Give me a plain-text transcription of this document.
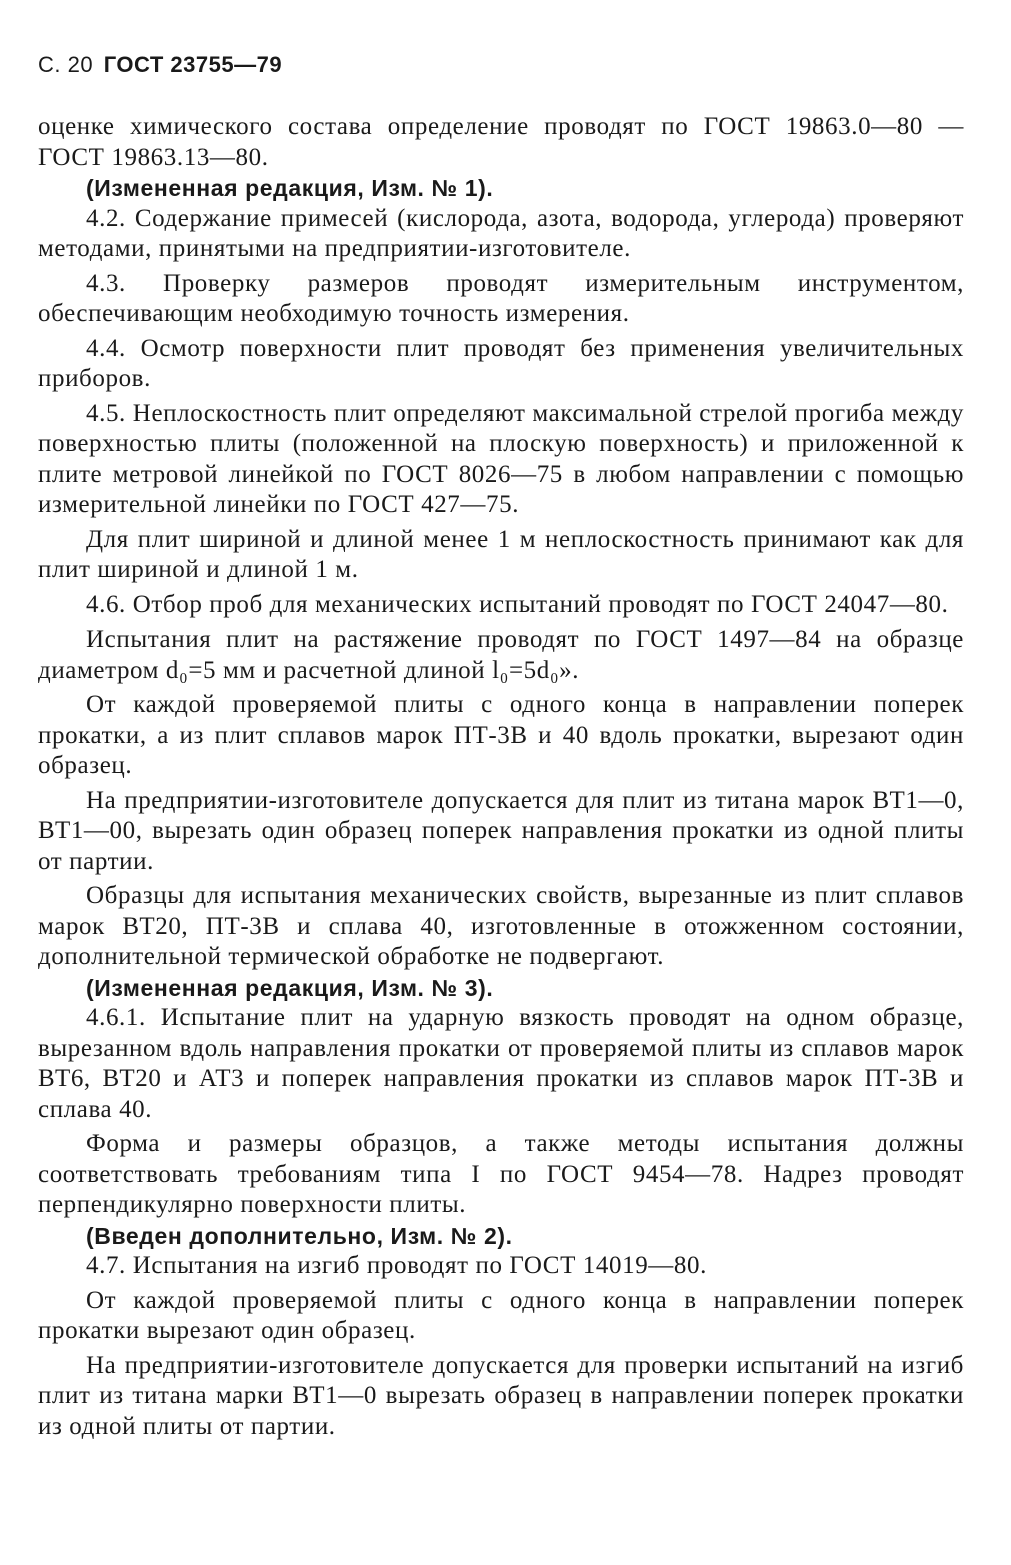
С. 20 ГОСТ 23755—79

оценке химического состава определение проводят по ГОСТ 19863.0—80 — ГОСТ 19863.13—80.

(Измененная редакция, Изм. № 1).

4.2. Содержание примесей (кислорода, азота, водорода, углерода) проверяют методами, принятыми на предприятии-изготовителе.

4.3. Проверку размеров проводят измерительным инструментом, обеспечивающим необходимую точность измерения.

4.4. Осмотр поверхности плит проводят без применения увеличительных приборов.

4.5. Неплоскостность плит определяют максимальной стрелой прогиба между поверхностью плиты (положенной на плоскую поверхность) и приложенной к плите метровой линейкой по ГОСТ 8026—75 в любом направлении с помощью измерительной линейки по ГОСТ 427—75.

Для плит шириной и длиной менее 1 м неплоскостность принимают как для плит шириной и длиной 1 м.

4.6. Отбор проб для механических испытаний проводят по ГОСТ 24047—80.

Испытания плит на растяжение проводят по ГОСТ 1497—84 на образце диаметром d₀=5 мм и расчетной длиной l₀=5d₀».

От каждой проверяемой плиты с одного конца в направлении поперек прокатки, а из плит сплавов марок ПТ-3В и 40 вдоль прокатки, вырезают один образец.

На предприятии-изготовителе допускается для плит из титана марок ВТ1—0, ВТ1—00, вырезать один образец поперек направления прокатки из одной плиты от партии.

Образцы для испытания механических свойств, вырезанные из плит сплавов марок ВТ20, ПТ-3В и сплава 40, изготовленные в отожженном состоянии, дополнительной термической обработке не подвергают.

(Измененная редакция, Изм. № 3).

4.6.1. Испытание плит на ударную вязкость проводят на одном образце, вырезанном вдоль направления прокатки от проверяемой плиты из сплавов марок ВТ6, ВТ20 и АТ3 и поперек направления прокатки из сплавов марок ПТ-3В и сплава 40.

Форма и размеры образцов, а также методы испытания должны соответствовать требованиям типа I по ГОСТ 9454—78. Надрез проводят перпендикулярно поверхности плиты.

(Введен дополнительно, Изм. № 2).

4.7. Испытания на изгиб проводят по ГОСТ 14019—80.

От каждой проверяемой плиты с одного конца в направлении поперек прокатки вырезают один образец.

На предприятии-изготовителе допускается для проверки испытаний на изгиб плит из титана марки ВТ1—0 вырезать образец в направлении поперек прокатки из одной плиты от партии.
